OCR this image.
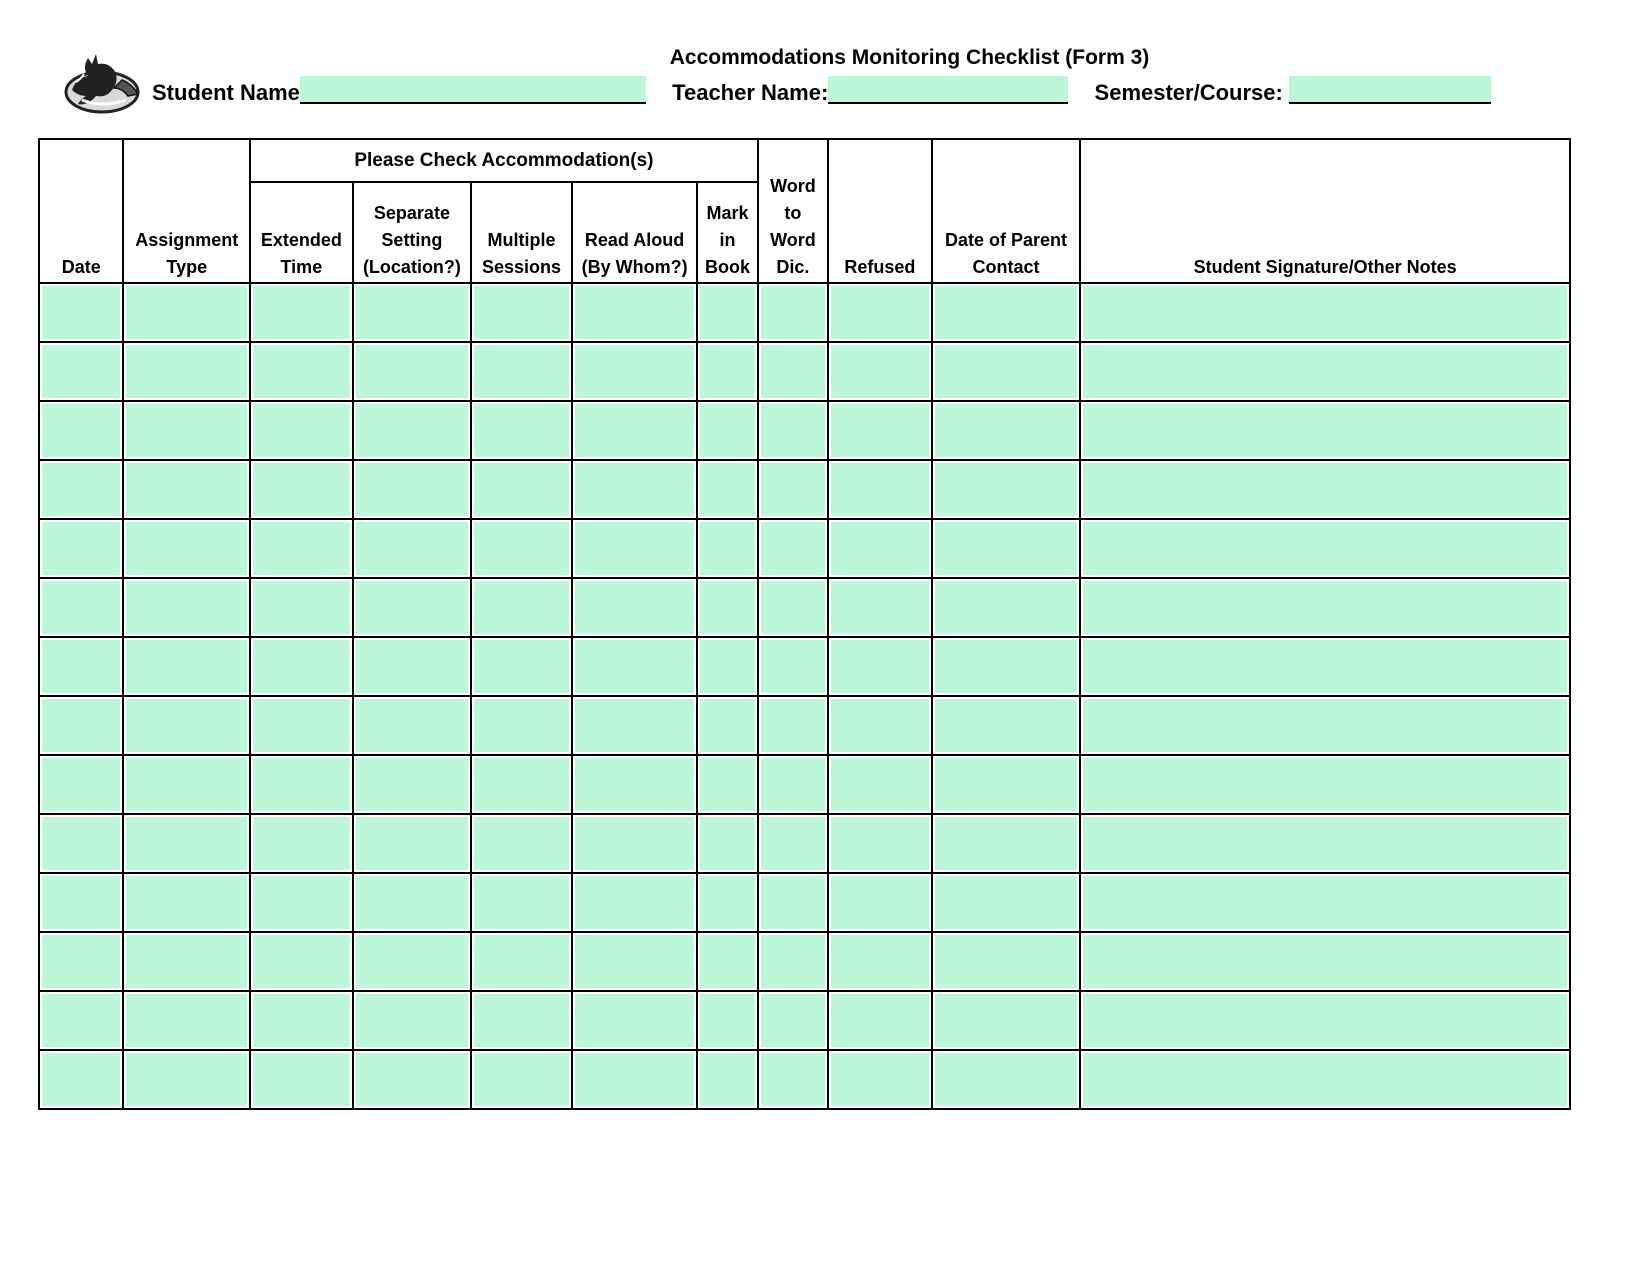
Accommodations Monitoring Checklist (Form 3)
Student Name	Teacher Name:	Semester/Course:
Date	Assignment Type	Please Check Accommodation(s)					Word to Word Dic.	Refused	Date of Parent Contact	Student Signature/Other Notes
		Extended Time	Separate Setting (Location?)	Multiple Sessions	Read Aloud (By Whom?)	Mark in Book				
